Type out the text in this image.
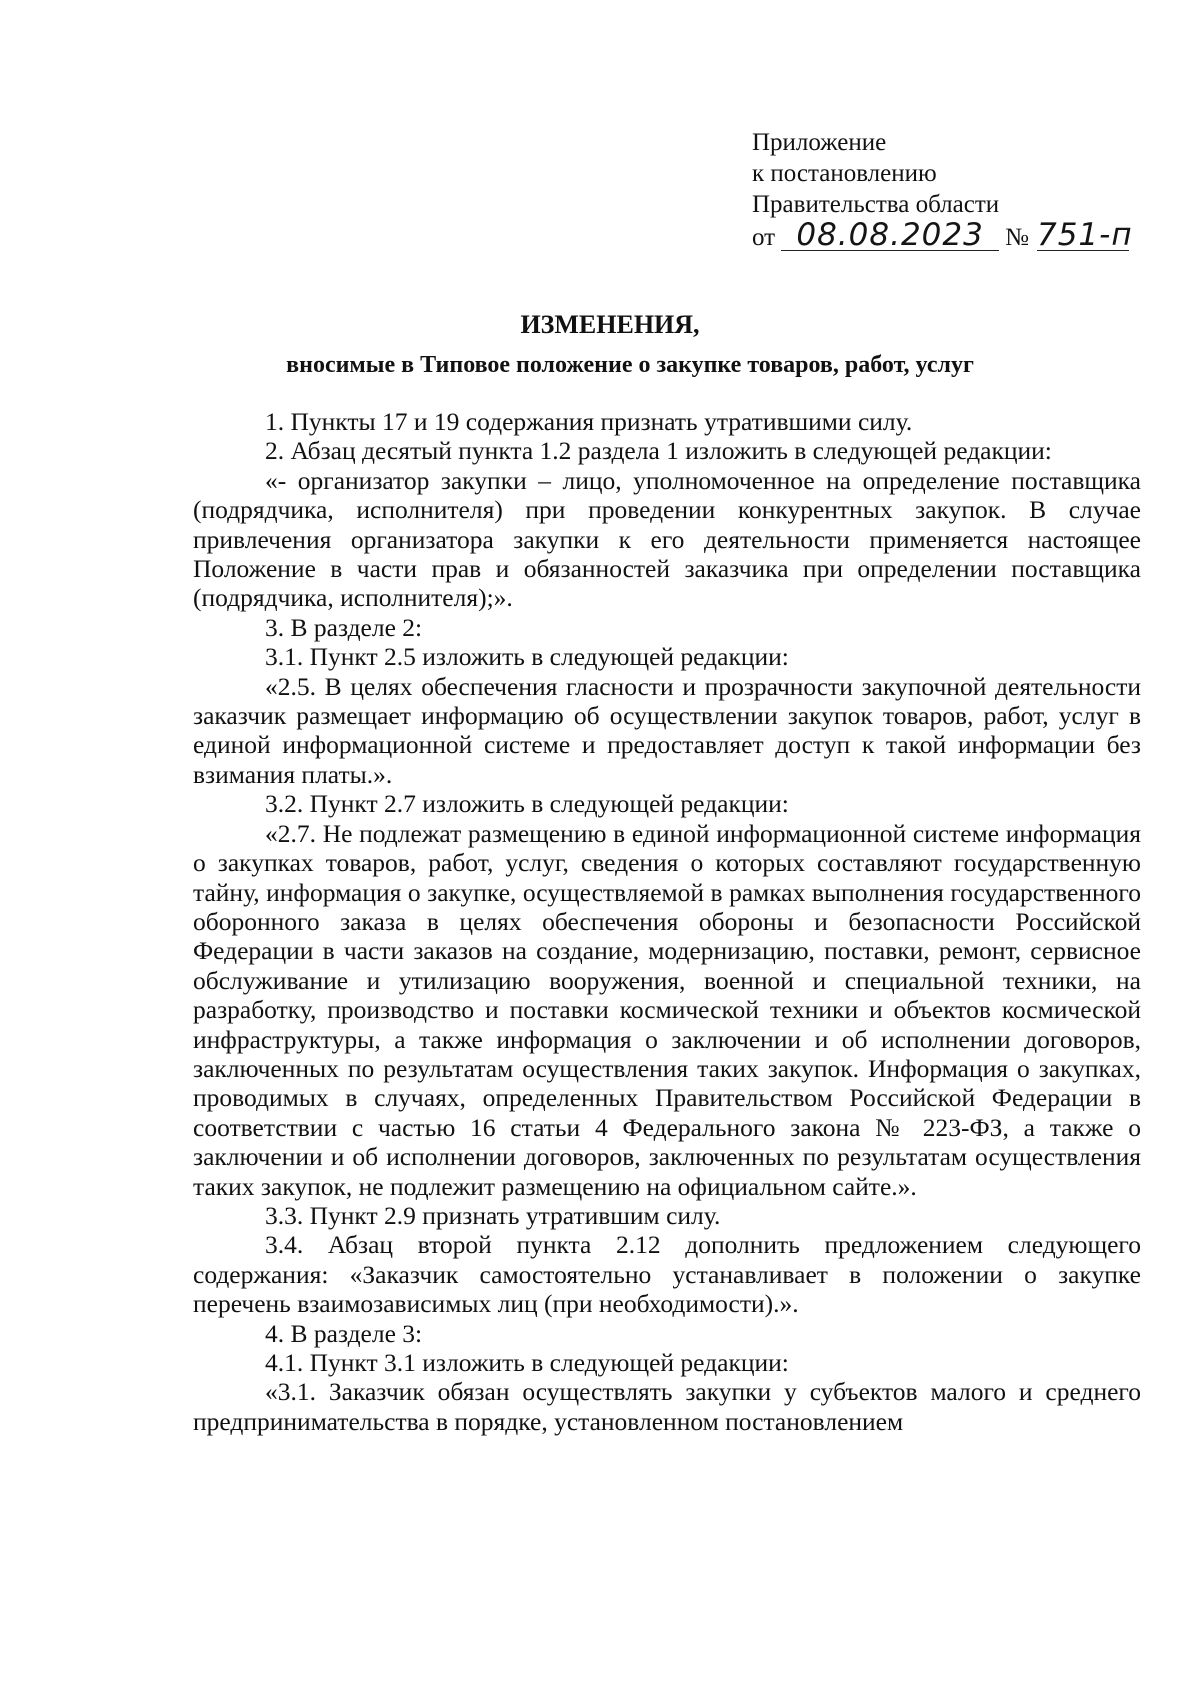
Приложение
к постановлению
Правительства области
от 08.08.2023 № 751-п
ИЗМЕНЕНИЯ,
вносимые в Типовое положение о закупке товаров, работ, услуг

1. Пункты 17 и 19 содержания признать утратившими силу.

2. Абзац десятый пункта 1.2 раздела 1 изложить в следующей редакции:

«- организатор закупки – лицо, уполномоченное на определение поставщика (подрядчика, исполнителя) при проведении конкурентных закупок. В случае привлечения организатора закупки к его деятельности применяется настоящее Положение в части прав и обязанностей заказчика при определении поставщика (подрядчика, исполнителя);».

3. В разделе 2:

3.1. Пункт 2.5 изложить в следующей редакции:

«2.5. В целях обеспечения гласности и прозрачности закупочной деятельности заказчик размещает информацию об осуществлении закупок товаров, работ, услуг в единой информационной системе и предоставляет доступ к такой информации без взимания платы.».

3.2. Пункт 2.7 изложить в следующей редакции:

«2.7. Не подлежат размещению в единой информационной системе информация о закупках товаров, работ, услуг, сведения о которых составляют государственную тайну, информация о закупке, осуществляемой в рамках выполнения государственного оборонного заказа в целях обеспечения обороны и безопасности Российской Федерации в части заказов на создание, модернизацию, поставки, ремонт, сервисное обслуживание и утилизацию вооружения, военной и специальной техники, на разработку, производство и поставки космической техники и объектов космической инфраструктуры, а также информация о заключении и об исполнении договоров, заключенных по результатам осуществления таких закупок. Информация о закупках, проводимых в случаях, определенных Правительством Российской Федерации в соответствии с частью 16 статьи 4 Федерального закона № 223-ФЗ, а также о заключении и об исполнении договоров, заключенных по результатам осуществления таких закупок, не подлежит размещению на официальном сайте.».

3.3. Пункт 2.9 признать утратившим силу.

3.4. Абзац второй пункта 2.12 дополнить предложением следующего содержания: «Заказчик самостоятельно устанавливает в положении о закупке перечень взаимозависимых лиц (при необходимости).».

4. В разделе 3:

4.1. Пункт 3.1 изложить в следующей редакции:

«3.1. Заказчик обязан осуществлять закупки у субъектов малого и среднего предпринимательства в порядке, установленном постановлением
